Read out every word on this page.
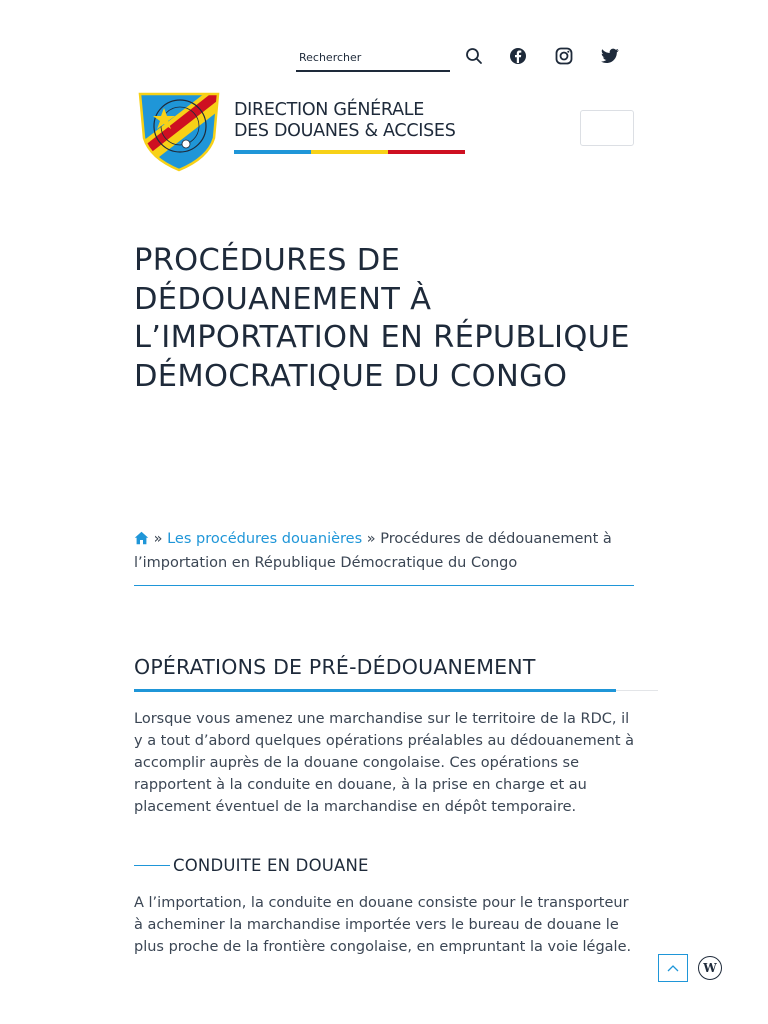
Rechercher
DIRECTION GÉNÉRALE
DES DOUANES & ACCISES
PROCÉDURES DE DÉDOUANEMENT À L’IMPORTATION EN RÉPUBLIQUE DÉMOCRATIQUE DU CONGO
» Les procédures douanières » Procédures de dédouanement à l’importation en République Démocratique du Congo
OPÉRATIONS DE PRÉ-DÉDOUANEMENT

Lorsque vous amenez une marchandise sur le territoire de la RDC, il y a tout d’abord quelques opérations préalables au dédouanement à accomplir auprès de la douane congolaise. Ces opérations se rapportent à la conduite en douane, à la prise en charge et au placement éventuel de la marchandise en dépôt temporaire.

CONDUITE EN DOUANE

A l’importation, la conduite en douane consiste pour le transporteur à acheminer la marchandise importée vers le bureau de douane le plus proche de la frontière congolaise, en empruntant la voie légale.

W
